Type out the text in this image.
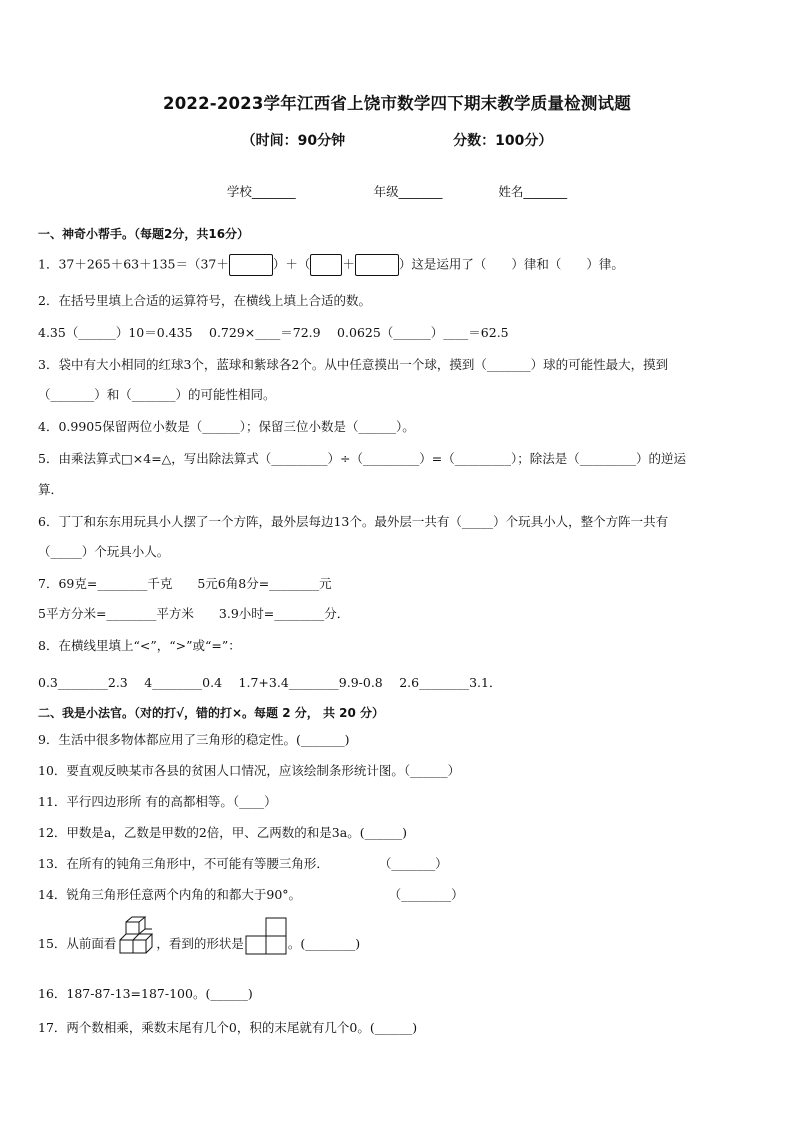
2022-2023学年江西省上饶市数学四下期末教学质量检测试题
（时间：90分钟	分数：100分）
学校_______	年级_______	姓名_______
一、神奇小帮手。（每题2分，共16分）
1．37＋265＋63＋135＝（37＋	）＋（	＋	）这是运用了（　　）律和（　　）律。
2．在括号里填上合适的运算符号，在横线上填上合适的数。
4.35（______）10＝0.435　 0.729×____＝72.9　 0.0625（______）____＝62.5
3．袋中有大小相同的红球3个，蓝球和紫球各2个。从中任意摸出一个球，摸到（_______）球的可能性最大，摸到
（_______）和（_______）的可能性相同。
4．0.9905保留两位小数是（______）；保留三位小数是（______）。
5．由乘法算式□×4=△，写出除法算式（_________）÷（_________）=（_________）；除法是（_________）的逆运
算．
6．丁丁和东东用玩具小人摆了一个方阵，最外层每边13个。最外层一共有（_____）个玩具小人，整个方阵一共有
（_____）个玩具小人。
7．69克=________千克　　5元6角8分=________元
5平方分米=________平方米　　3.9小时=________分．
8．在横线里填上“<”，“>”或“=”：
0.3________2.3　 4________0.4　 1.7+3.4________9.9-0.8　 2.6________3.1．
二、我是小法官。（对的打√，错的打×。每题 2 分， 共 20 分）
9．生活中很多物体都应用了三角形的稳定性。(_______)
10．要直观反映某市各县的贫困人口情况，应该绘制条形统计图。（______）
11．平行四边形所 有的高都相等。（____）
12．甲数是a，乙数是甲数的2倍，甲、乙两数的和是3a。(______)
13．在所有的钝角三角形中，不可能有等腰三角形．　　　　　（_______）
14．锐角三角形任意两个内角的和都大于90°。　　　　　　　　（________）
15．从前面看	，看到的形状是	。(________)
16．187-87-13=187-100。(______)
17．两个数相乘，乘数末尾有几个0，积的末尾就有几个0。(______)
